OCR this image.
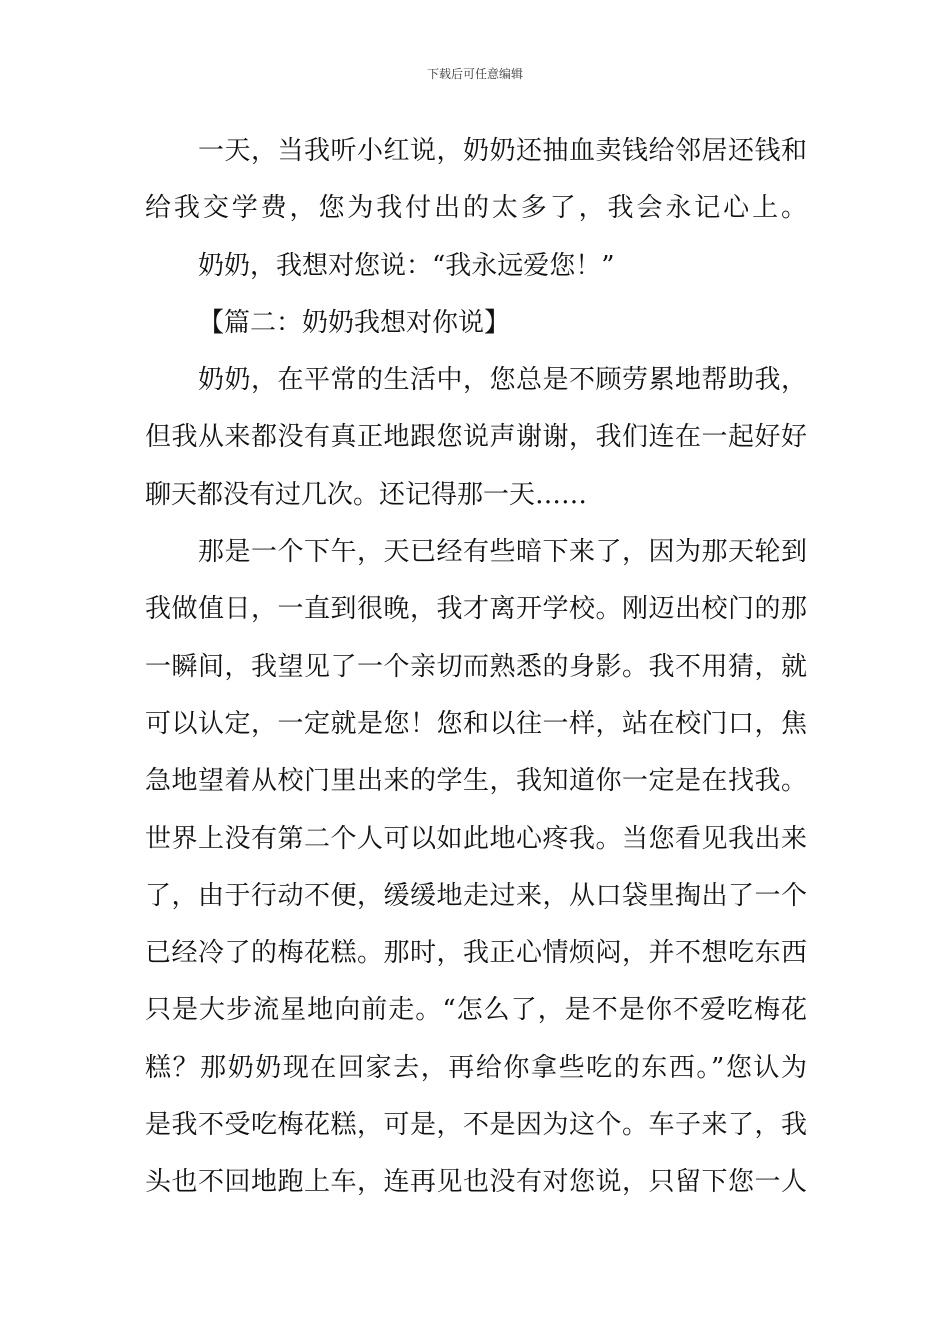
下载后可任意编辑
一天，当我听小红说，奶奶还抽血卖钱给邻居还钱和
给我交学费，您为我付出的太多了，我会永记心上。
奶奶，我想对您说：“我永远爱您！”
【篇二：奶奶我想对你说】
奶奶，在平常的生活中，您总是不顾劳累地帮助我，
但我从来都没有真正地跟您说声谢谢，我们连在一起好好
聊天都没有过几次。还记得那一天……
那是一个下午，天已经有些暗下来了，因为那天轮到
我做值日，一直到很晚，我才离开学校。刚迈出校门的那
一瞬间，我望见了一个亲切而熟悉的身影。我不用猜，就
可以认定，一定就是您！您和以往一样，站在校门口，焦
急地望着从校门里出来的学生，我知道你一定是在找我。
世界上没有第二个人可以如此地心疼我。当您看见我出来
了，由于行动不便，缓缓地走过来，从口袋里掏出了一个
已经冷了的梅花糕。那时，我正心情烦闷，并不想吃东西
只是大步流星地向前走。“怎么了，是不是你不爱吃梅花
糕？那奶奶现在回家去，再给你拿些吃的东西。”您认为
是我不受吃梅花糕，可是，不是因为这个。车子来了，我
头也不回地跑上车，连再见也没有对您说，只留下您一人
